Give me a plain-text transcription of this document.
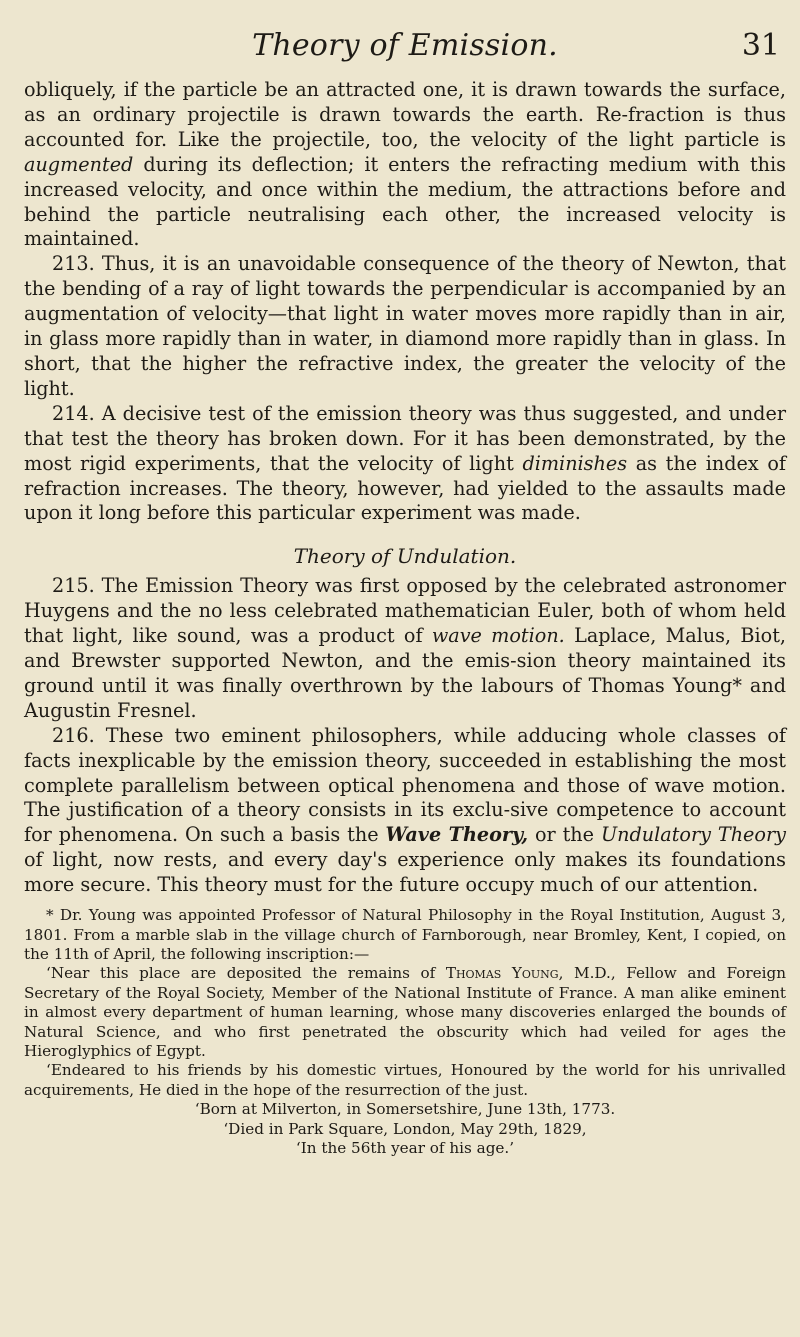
Theory of Emission.	31

obliquely, if the particle be an attracted one, it is drawn towards the surface, as an ordinary projectile is drawn towards the earth. Re-fraction is thus accounted for. Like the projectile, too, the velocity of the light particle is augmented during its deflection; it enters the refracting medium with this increased velocity, and once within the medium, the attractions before and behind the particle neutralising each other, the increased velocity is maintained.

213. Thus, it is an unavoidable consequence of the theory of Newton, that the bending of a ray of light towards the perpendicular is accompanied by an augmentation of velocity—that light in water moves more rapidly than in air, in glass more rapidly than in water, in diamond more rapidly than in glass. In short, that the higher the refractive index, the greater the velocity of the light.

214. A decisive test of the emission theory was thus suggested, and under that test the theory has broken down. For it has been demonstrated, by the most rigid experiments, that the velocity of light diminishes as the index of refraction increases. The theory, however, had yielded to the assaults made upon it long before this particular experiment was made.

Theory of Undulation.

215. The Emission Theory was first opposed by the celebrated astronomer Huygens and the no less celebrated mathematician Euler, both of whom held that light, like sound, was a product of wave motion. Laplace, Malus, Biot, and Brewster supported Newton, and the emis-sion theory maintained its ground until it was finally overthrown by the labours of Thomas Young* and Augustin Fresnel.

216. These two eminent philosophers, while adducing whole classes of facts inexplicable by the emission theory, succeeded in establishing the most complete parallelism between optical phenomena and those of wave motion. The justification of a theory consists in its exclu-sive competence to account for phenomena. On such a basis the Wave Theory, or the Undulatory Theory of light, now rests, and every day's experience only makes its foundations more secure. This theory must for the future occupy much of our attention.

* Dr. Young was appointed Professor of Natural Philosophy in the Royal Institution, August 3, 1801. From a marble slab in the village church of Farnborough, near Bromley, Kent, I copied, on the 11th of April, the following inscription:—

‘Near this place are deposited the remains of Thomas Young, M.D., Fellow and Foreign Secretary of the Royal Society, Member of the National Institute of France. A man alike eminent in almost every department of human learning, whose many discoveries enlarged the bounds of Natural Science, and who first penetrated the obscurity which had veiled for ages the Hieroglyphics of Egypt.

‘Endeared to his friends by his domestic virtues, Honoured by the world for his unrivalled acquirements, He died in the hope of the resurrection of the just.

‘Born at Milverton, in Somersetshire, June 13th, 1773.

‘Died in Park Square, London, May 29th, 1829,

‘In the 56th year of his age.’
